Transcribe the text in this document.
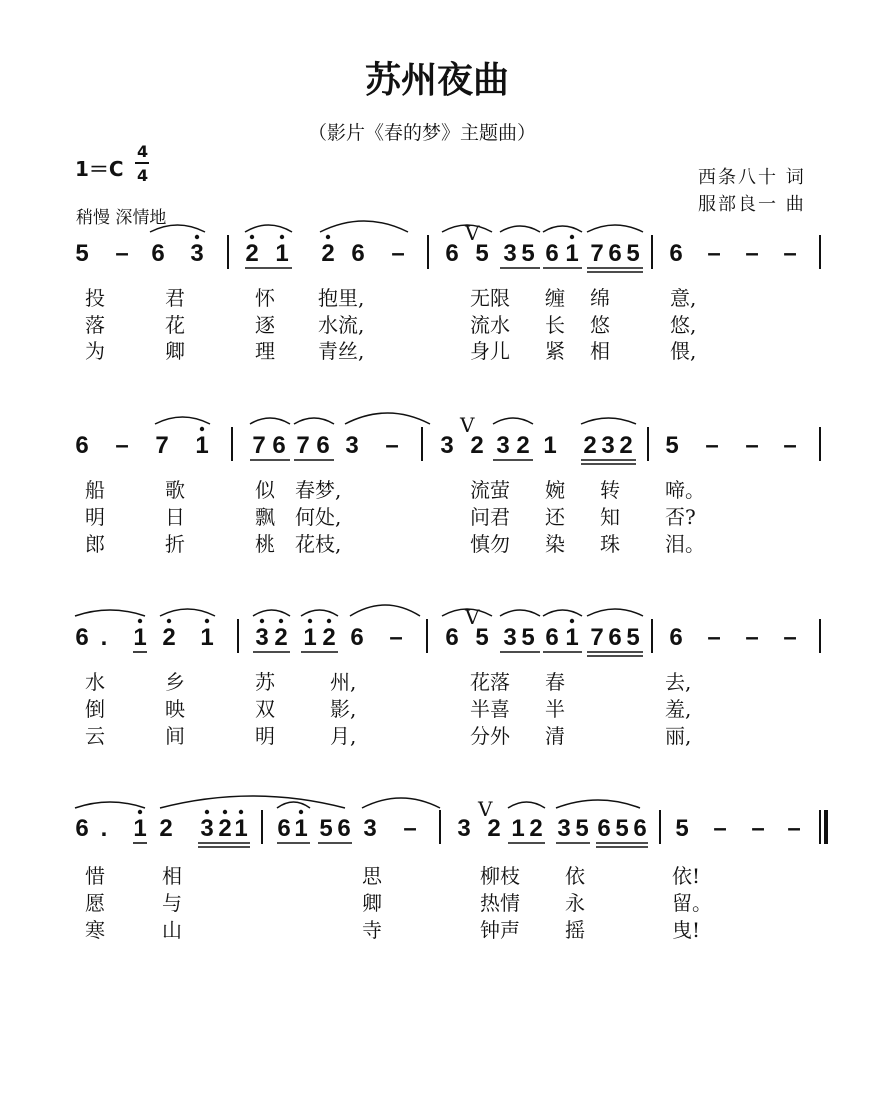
苏州夜曲
（影片《春的梦》主题曲）
1＝C
4
4
稍慢 深情地
西条八十 词
服部良一 曲
5 – 6 3 2 1 2 6 – 6 5 3 5 6 1 7 6 5 6 – – –
投	君	怀 抱里,	无限 缠 绵	意,
落	花	逐 水流,	流水 长 悠	悠,
为	卿	理 青丝,	身儿 紧 相	偎,
6 – 7 1 7 6 7 6 3 – 3 2 3 2 1 2 3 2 5 – – –
船	歌	似 春梦,	流萤 婉 转 啼。
明	日	飘 何处,	问君 还 知 否?
郎	折	桃 花枝,	慎勿 染 珠 泪。
6 . 1 2 1 3 2 1 2 6 – 6 5 3 5 6 1 7 6 5 6 – – –
水	乡	苏	州,	花落 春	去,
倒	映	双	影,	半喜 半	羞,
云	间	明	月,	分外 清	丽,
6 . 1 2 3 2 1 6 1 5 6 3 – 3 2 1 2 3 5 6 5 6 5 – – –
惜	相	思	柳枝 依	依!
愿	与	卿	热情 永	留。
寒	山	寺	钟声 摇	曳!
V
V
V
V
